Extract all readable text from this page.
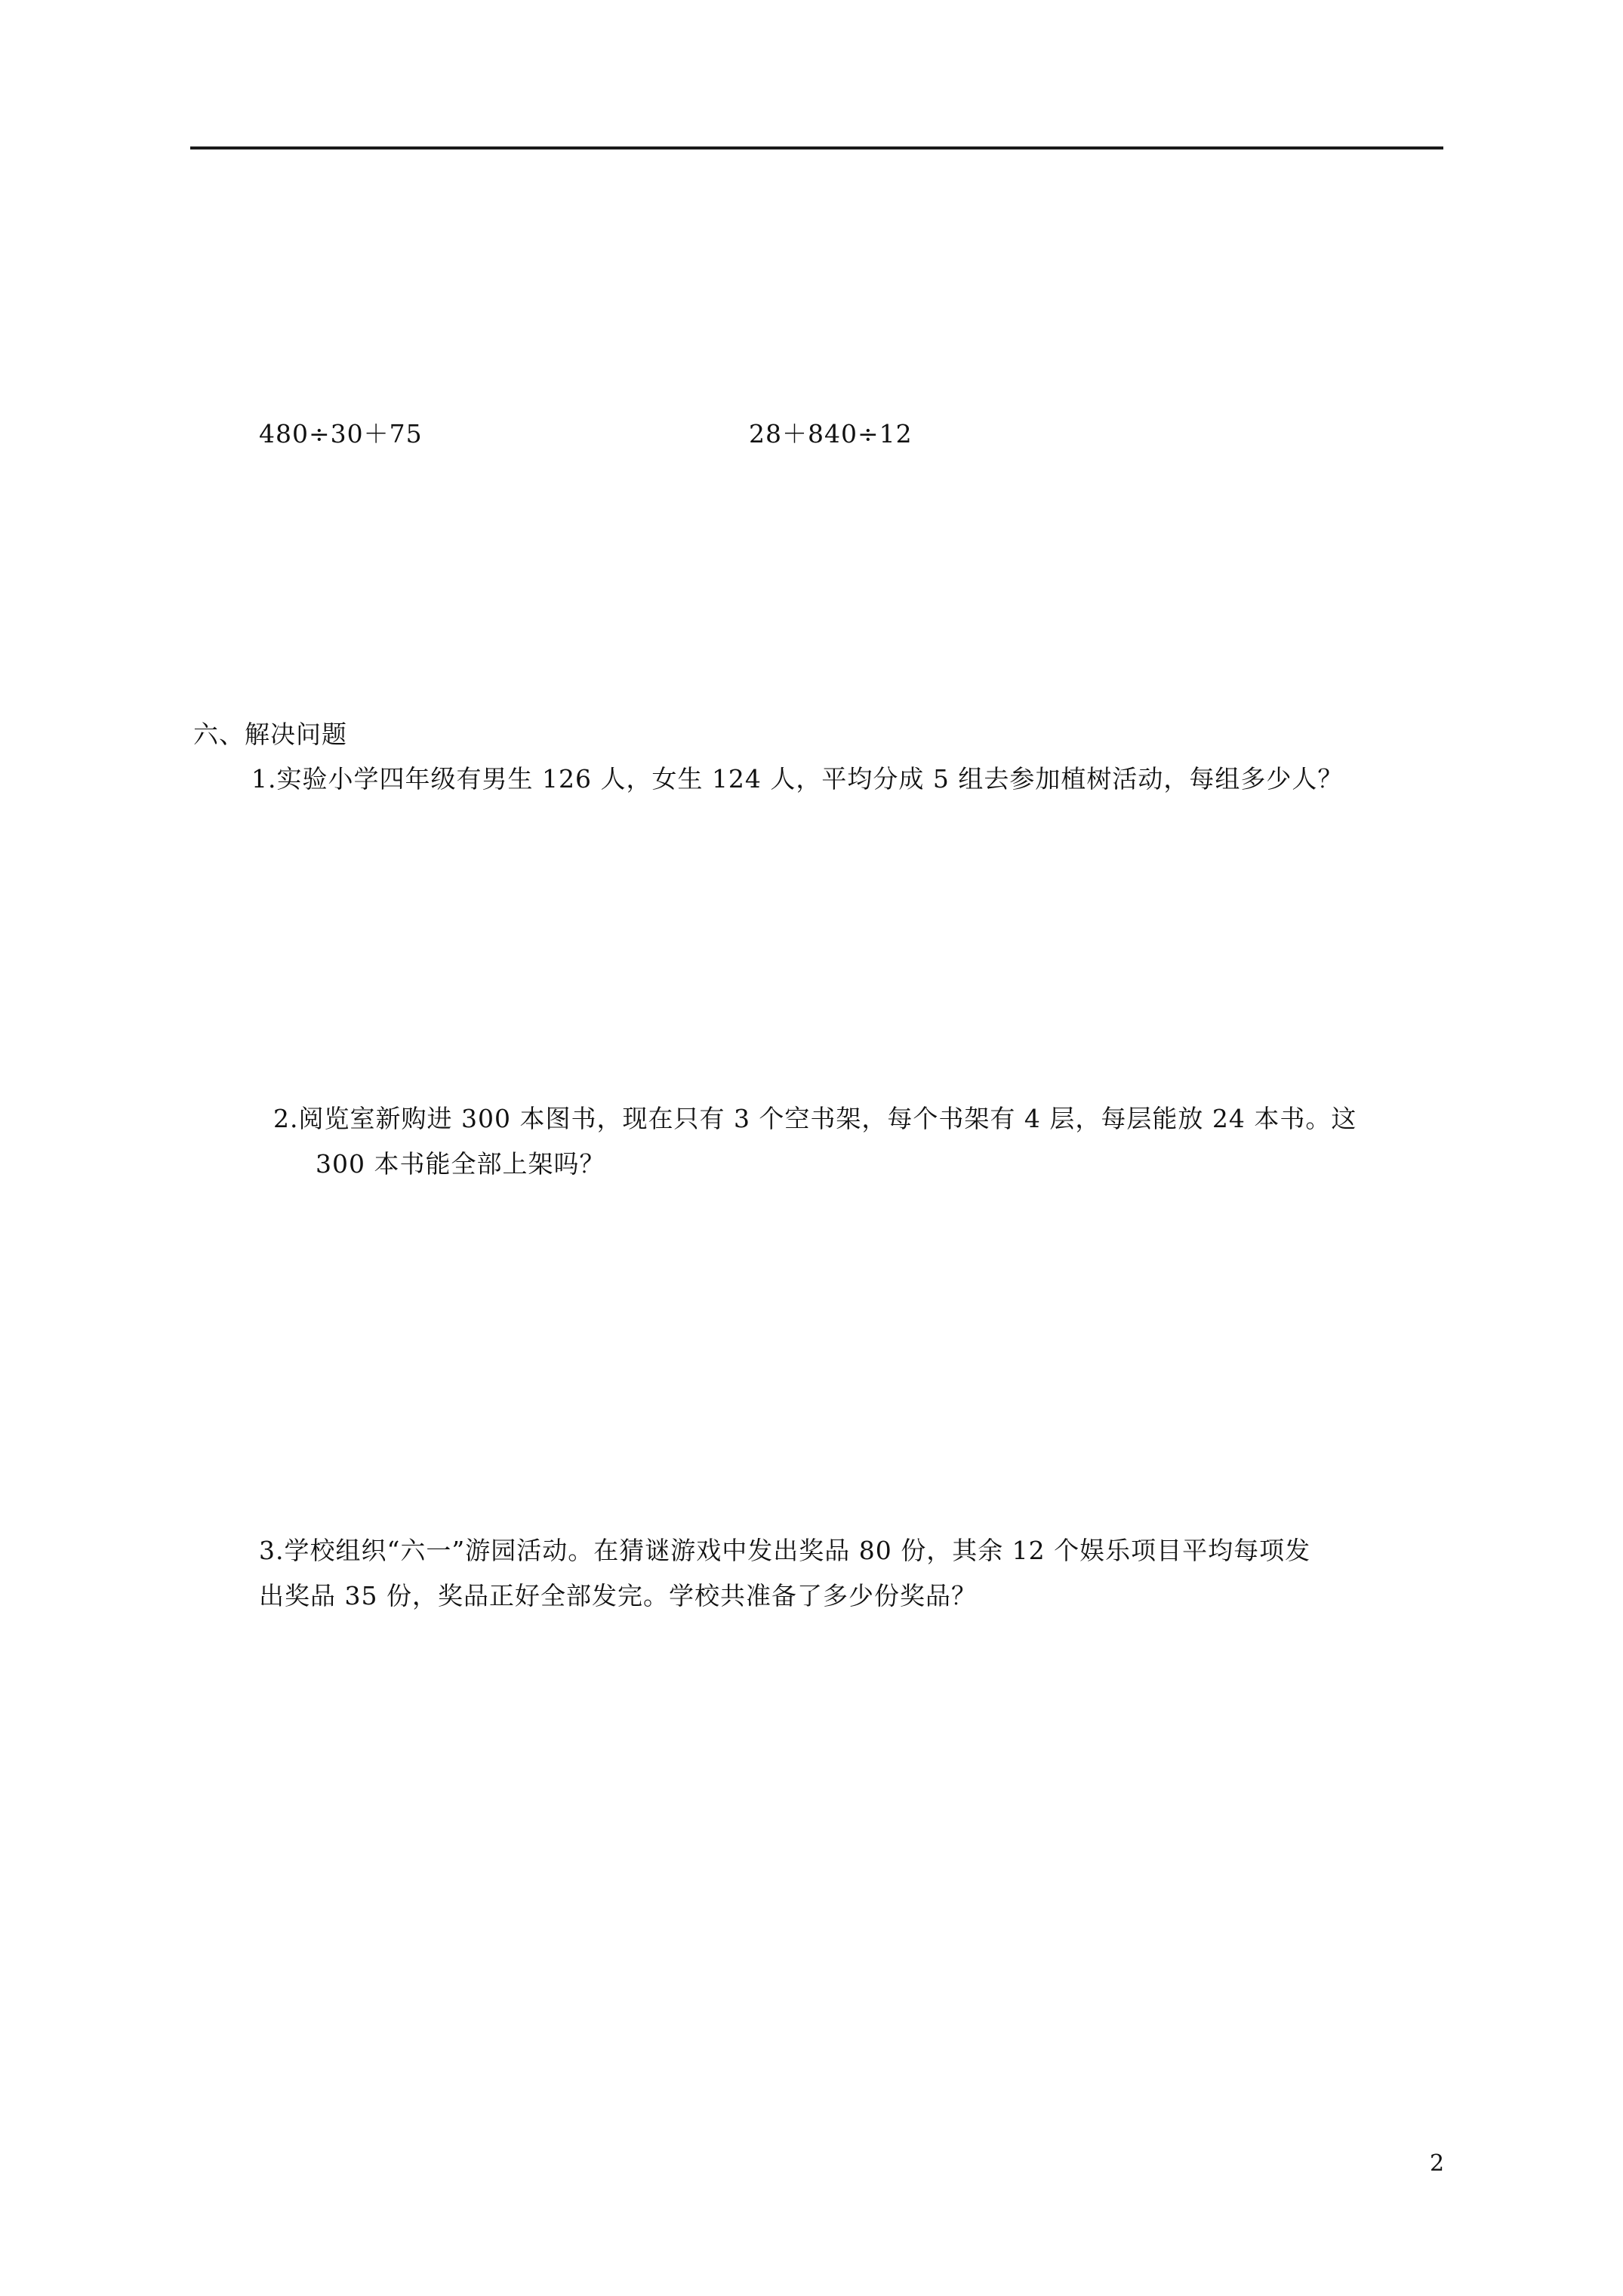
480÷30＋75	28＋840÷12
六、解决问题
1.实验小学四年级有男生 126 人，女生 124 人，平均分成 5 组去参加植树活动，每组多少人？
2.阅览室新购进 300 本图书，现在只有 3 个空书架，每个书架有 4 层，每层能放 24 本书。这
300 本书能全部上架吗？
3.学校组织“六一”游园活动。在猜谜游戏中发出奖品 80 份，其余 12 个娱乐项目平均每项发
出奖品 35 份，奖品正好全部发完。学校共准备了多少份奖品？
2
